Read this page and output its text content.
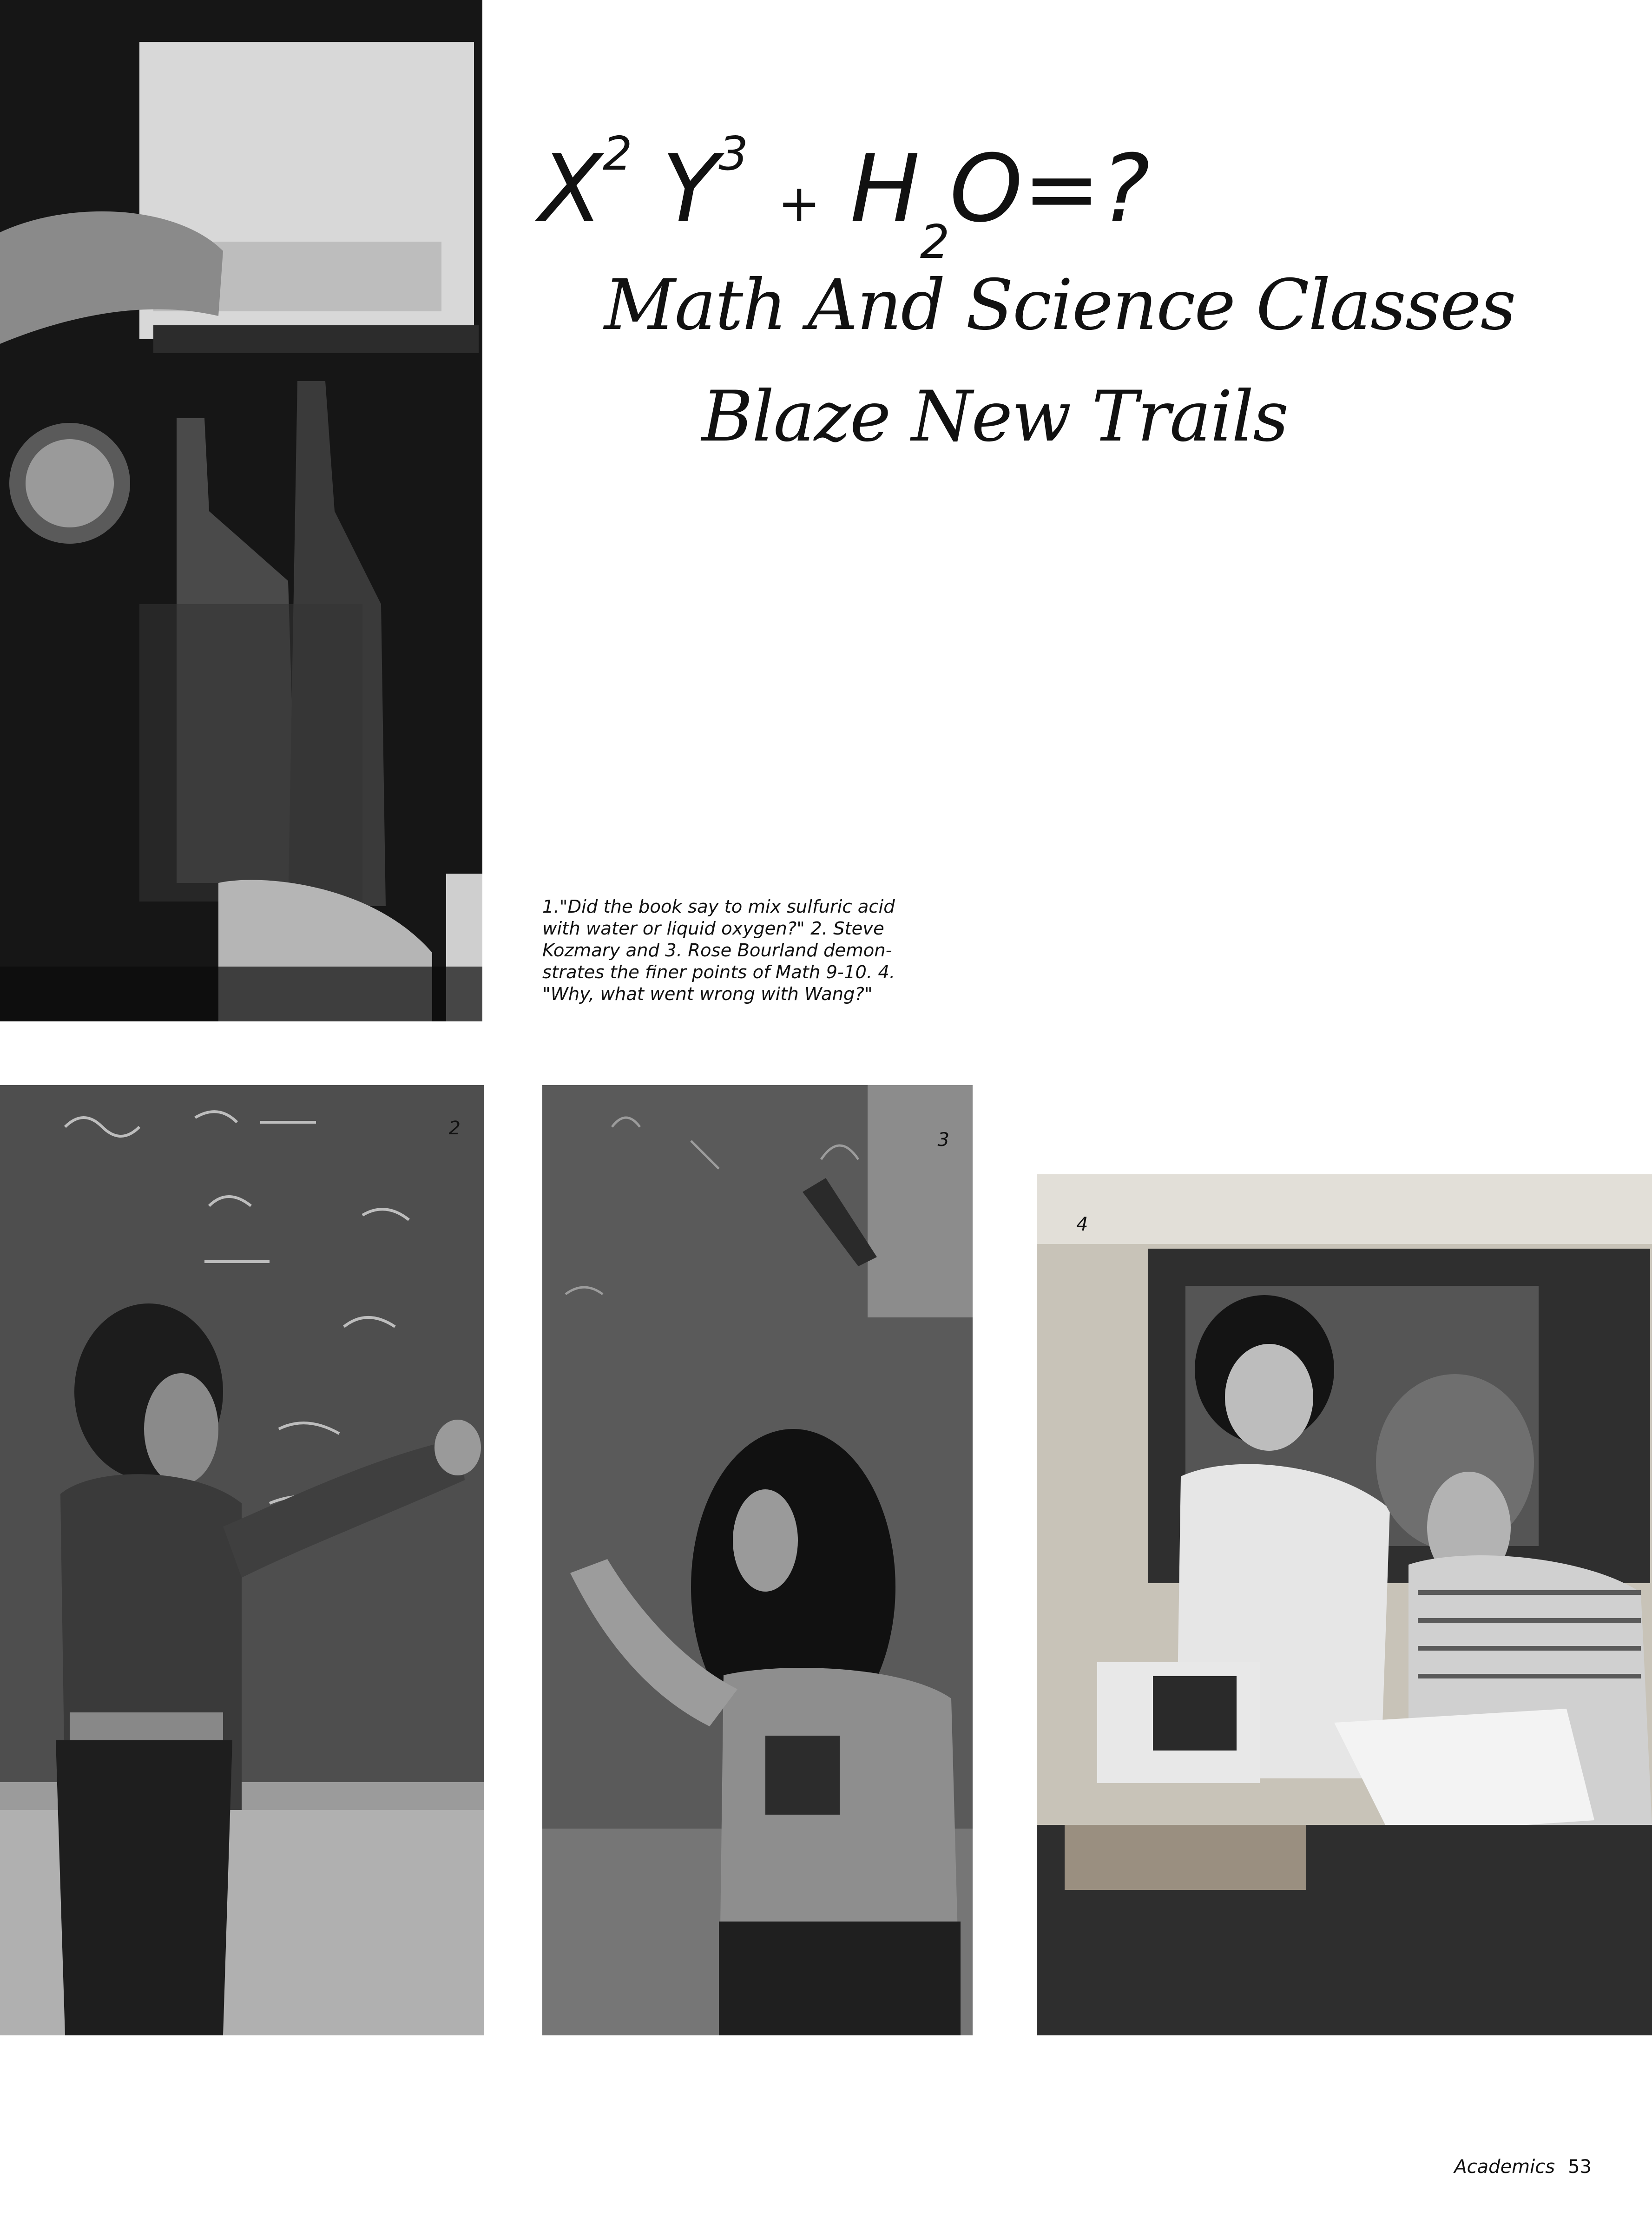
$X^2$ $Y^3 + H_2O=$?
Math And Science Classes
Blaze New Trails
1."Did the book say to mix sulfuric acid
with water or liquid oxygen?" 2. Steve
Kozmary and 3. Rose Bourland demon-
strates the finer points of Math 9-10. 4.
"Why, what went wrong with Wang?"
2
3
4
Academics 53
